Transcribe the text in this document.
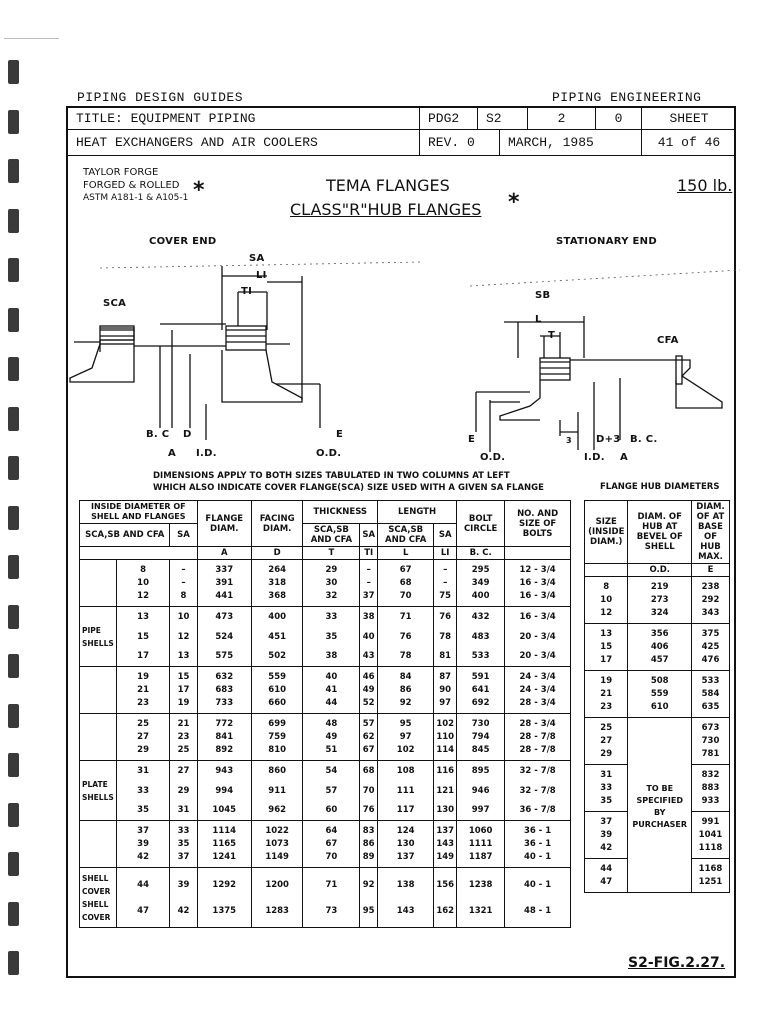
PIPING DESIGN GUIDES	PIPING ENGINEERING
TITLE: EQUIPMENT PIPING	PDG2 S2	2	0	SHEET
HEAT EXCHANGERS AND AIR COOLERS	REV. 0	MARCH, 1985	41 of 46
TAYLOR FORGE
FORGED & ROLLED
ASTM A181-1 & A105-1 *	TEMA FLANGES
CLASS"R"HUB FLANGES *
150 lb.
COVER END	STATIONARY END
SA
LI
TI
SCA
B. C D
A I.D.	O.D.
E
SB
L
T	CFA
E	3 D+3 B. C.
O.D.	I.D. A
DIMENSIONS APPLY TO BOTH SIZES TABULATED IN TWO COLUMNS AT LEFT
WHICH ALSO INDICATE COVER FLANGE(SCA) SIZE USED WITH A GIVEN SA FLANGE	FLANGE HUB DIAMETERS
INSIDE DIAMETER OF SHELL AND FLANGES			FLANGE DIAM.	FACING DIAM.	THICKNESS		LENGTH		BOLT CIRCLE	NO. AND SIZE OF BOLTS
SCA,SB AND CFA		SA			SCA,SB AND CFA	SA	SCA,SB AND CFA	SA		
			A	D	T	TI	L	LI	B. C.	
	8	–	337	264	29	–	67	–	295	12 - 3/4
	10	–	391	318	30	–	68	–	349	16 - 3/4
	12	8	441	368	32	37	70	75	400	16 - 3/4
	13	10	473	400	33	38	71	76	432	16 - 3/4
PIPE SHELLS	15	12	524	451	35	40	76	78	483	20 - 3/4
	17	13	575	502	38	43	78	81	533	20 - 3/4
	19	15	632	559	40	46	84	87	591	24 - 3/4
	21	17	683	610	41	49	86	90	641	24 - 3/4
	23	19	733	660	44	52	92	97	692	28 - 3/4
	25	21	772	699	48	57	95	102	730	28 - 3/4
	27	23	841	759	49	62	97	110	794	28 - 7/8
	29	25	892	810	51	67	102	114	845	28 - 7/8
	31	27	943	860	54	68	108	116	895	32 - 7/8
PLATE SHELLS	33	29	994	911	57	70	111	121	946	32 - 7/8
	35	31	1045	962	60	76	117	130	997	36 - 7/8
	37	33	1114	1022	64	83	124	137	1060	36 - 1
	39	35	1165	1073	67	86	130	143	1111	36 - 1
	42	37	1241	1149	70	89	137	149	1187	40 - 1
SHELL COVER	44	39	1292	1200	71	92	138	156	1238	40 - 1
SHELL COVER	47	42	1375	1283	73	95	143	162	1321	48 - 1
SIZE (INSIDE DIAM.)	DIAM. OF HUB AT BEVEL OF SHELL	DIAM. OF AT BASE OF HUB MAX.
	O.D.	E
8	219	238
10	273	292
12	324	343
13	356	375
15	406	425
17	457	476
19	508	533
21	559	584
23	610	635
25	TO BE SPECIFIED BY PURCHASER	673
27		730
29		781
31		832
33		883
35		933
37		991
39		1041
42		1118
44		1168
47		1251
S2-FIG.2.27.
